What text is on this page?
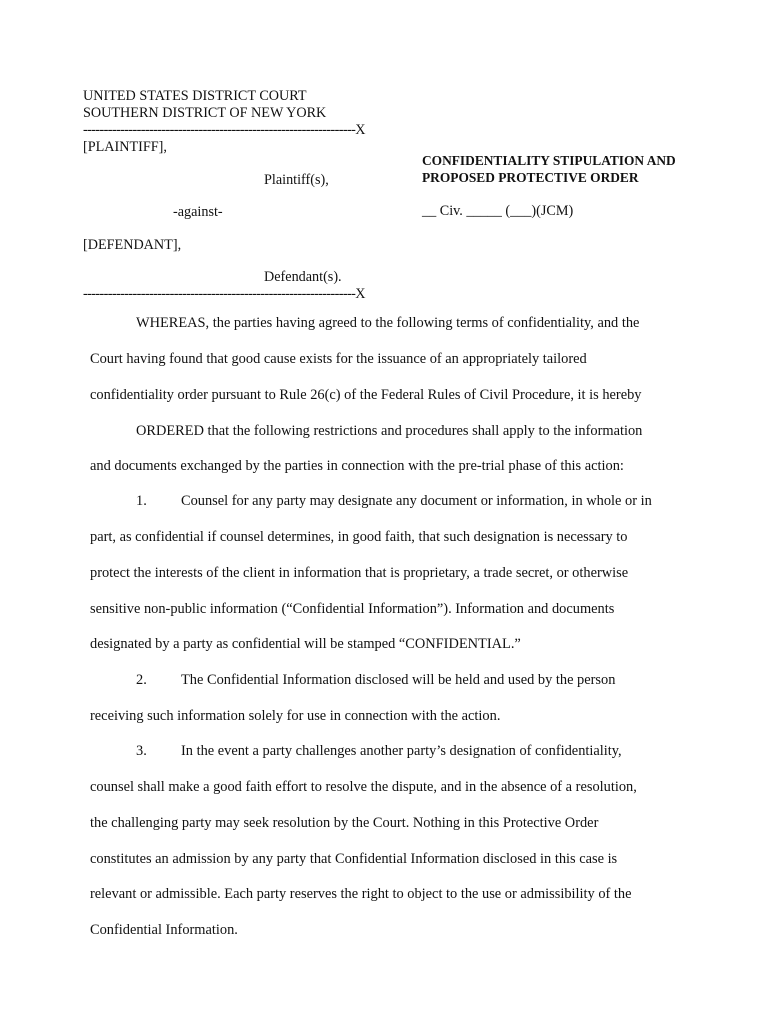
UNITED STATES DISTRICT COURT
SOUTHERN DISTRICT OF NEW YORK
------------------------------------------------------------------X
[PLAINTIFF],
Plaintiff(s),
-against-
[DEFENDANT],
Defendant(s).
------------------------------------------------------------------X
CONFIDENTIALITY STIPULATION AND
PROPOSED PROTECTIVE ORDER
__ Civ. _____ (___)(JCM)
WHEREAS, the parties having agreed to the following terms of confidentiality, and the
Court having found that good cause exists for the issuance of an appropriately tailored
confidentiality order pursuant to Rule 26(c) of the Federal Rules of Civil Procedure, it is hereby
ORDERED that the following restrictions and procedures shall apply to the information
and documents exchanged by the parties in connection with the pre-trial phase of this action:
1. Counsel for any party may designate any document or information, in whole or in
part, as confidential if counsel determines, in good faith, that such designation is necessary to
protect the interests of the client in information that is proprietary, a trade secret, or otherwise
sensitive non-public information (“Confidential Information”). Information and documents
designated by a party as confidential will be stamped “CONFIDENTIAL.”
2. The Confidential Information disclosed will be held and used by the person
receiving such information solely for use in connection with the action.
3. In the event a party challenges another party’s designation of confidentiality,
counsel shall make a good faith effort to resolve the dispute, and in the absence of a resolution,
the challenging party may seek resolution by the Court. Nothing in this Protective Order
constitutes an admission by any party that Confidential Information disclosed in this case is
relevant or admissible. Each party reserves the right to object to the use or admissibility of the
Confidential Information.
